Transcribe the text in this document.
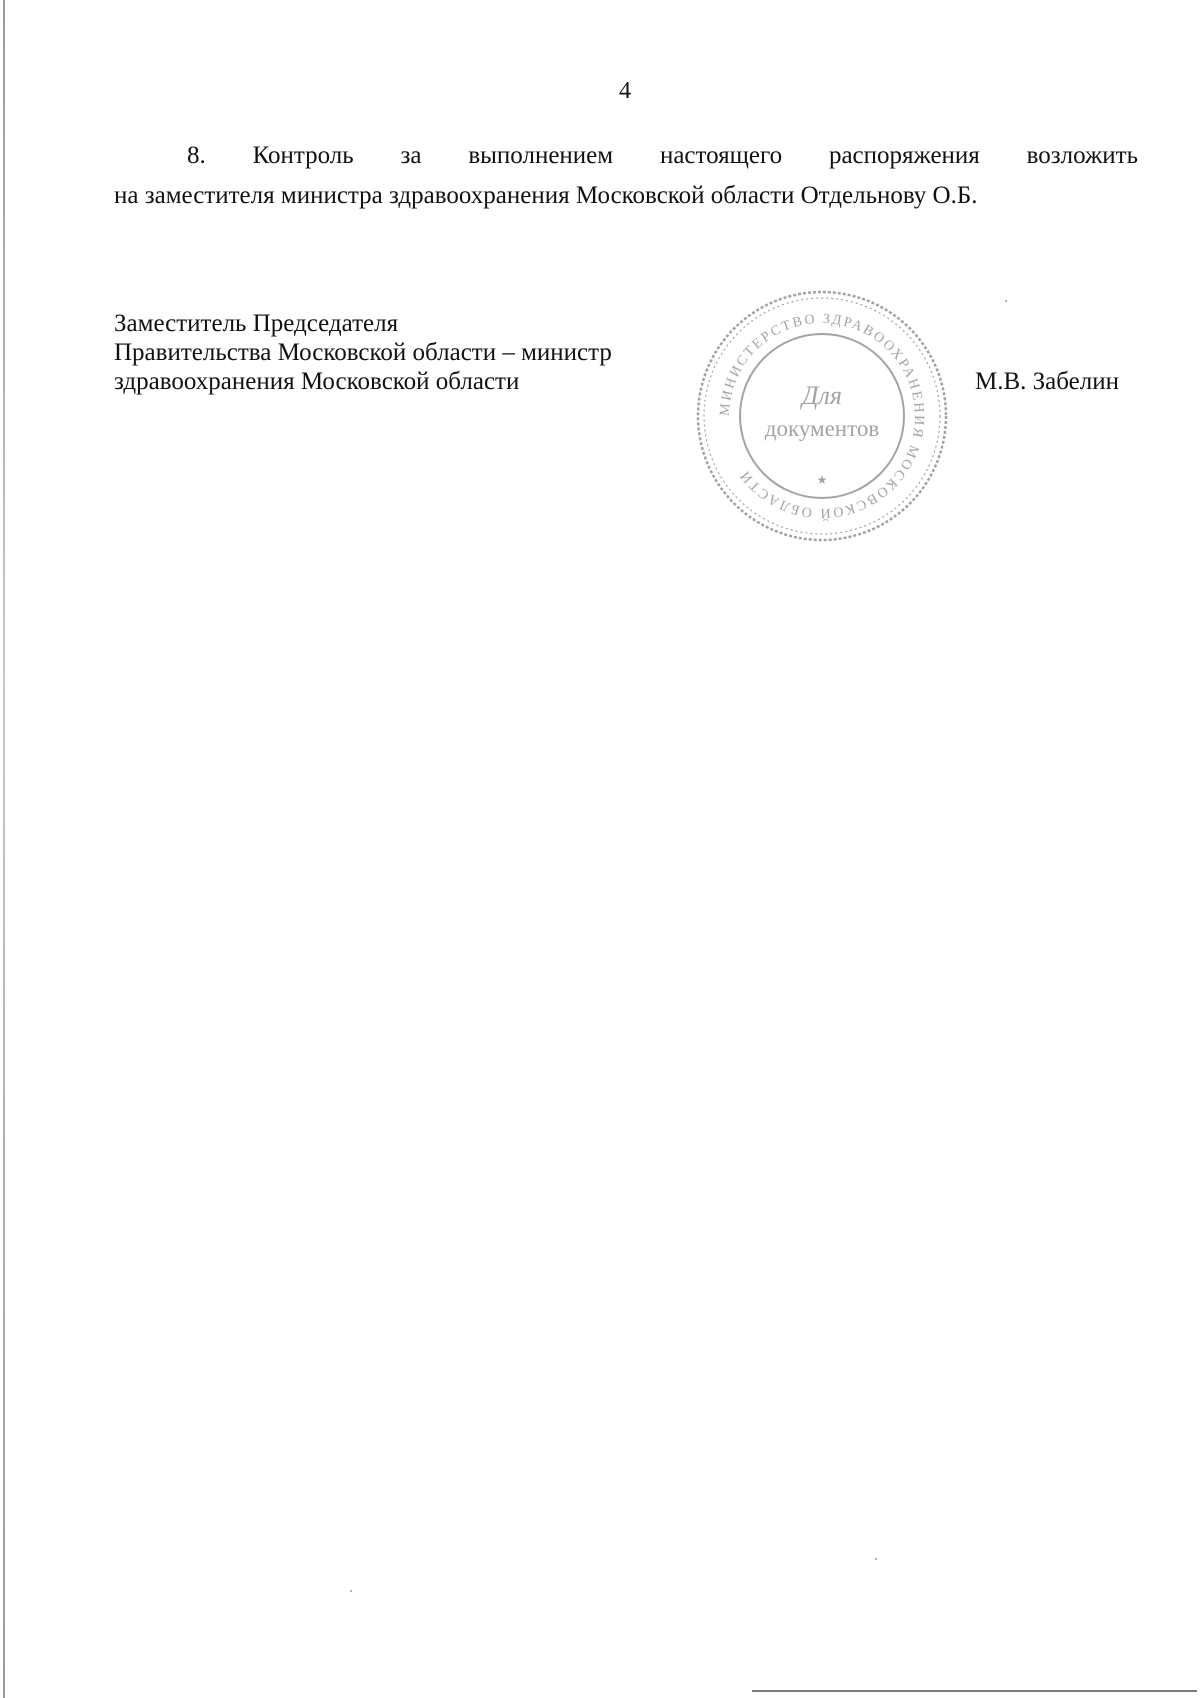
4
8. Контроль за выполнением настоящего распоряжения возложить
на заместителя министра здравоохранения Московской области Отдельнову О.Б.
Заместитель Председателя
Правительства Московской области – министр
здравоохранения Московской области	М.В. Забелин
МИНИСТЕРСТВО ЗДРАВООХРАНЕНИЯ МОСКОВСКОЙ ОБЛАСТИ
Для
документов
★
